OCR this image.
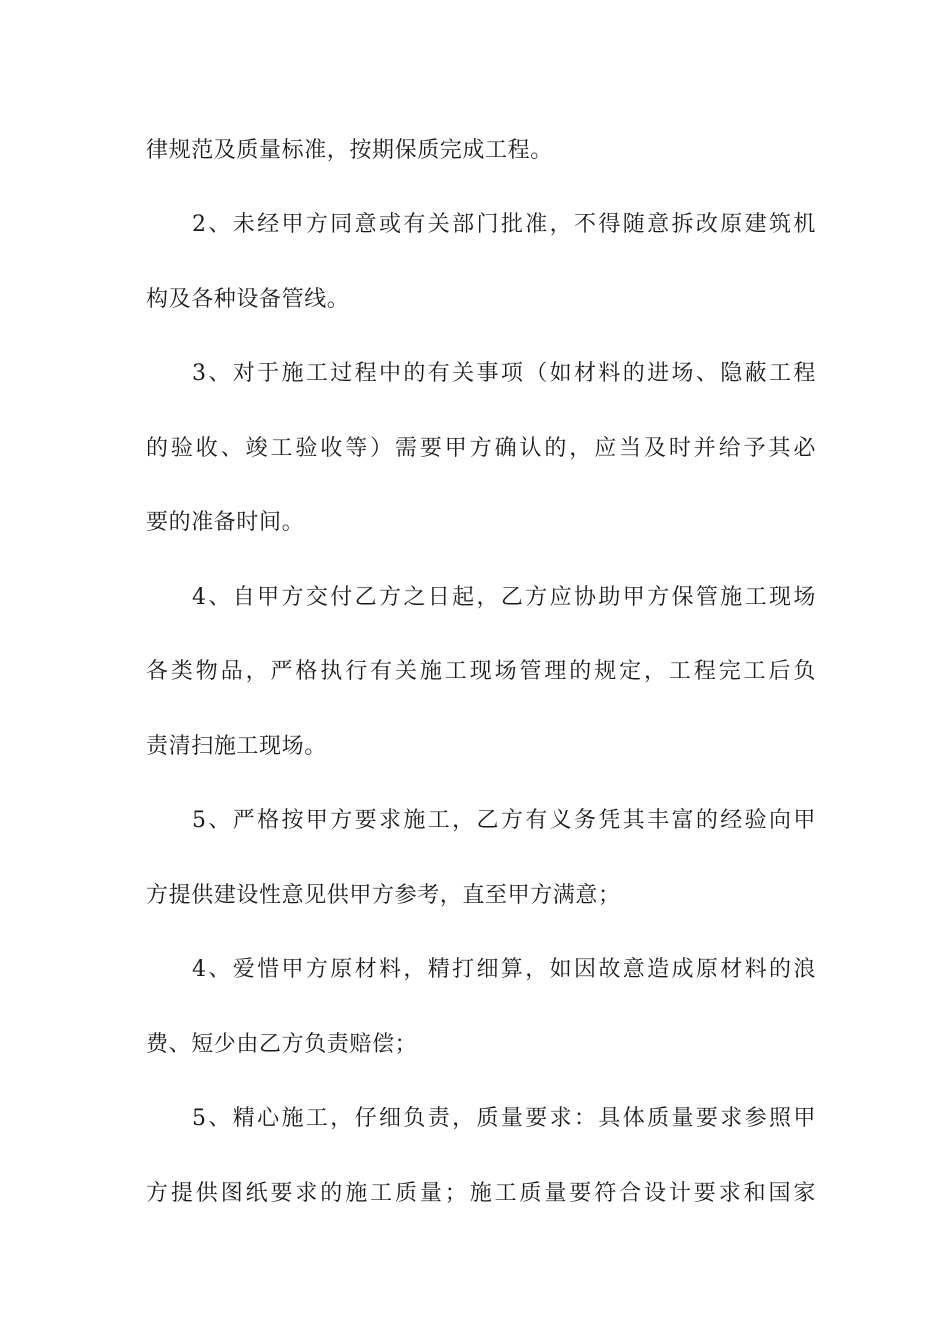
律规范及质量标准，按期保质完成工程。
2、未经甲方同意或有关部门批准，不得随意拆改原建筑机
构及各种设备管线。
3、对于施工过程中的有关事项（如材料的进场、隐蔽工程
的验收、竣工验收等）需要甲方确认的，应当及时并给予其必
要的准备时间。
4、自甲方交付乙方之日起，乙方应协助甲方保管施工现场
各类物品，严格执行有关施工现场管理的规定，工程完工后负
责清扫施工现场。
5、严格按甲方要求施工，乙方有义务凭其丰富的经验向甲
方提供建设性意见供甲方参考，直至甲方满意；
4、爱惜甲方原材料，精打细算，如因故意造成原材料的浪
费、短少由乙方负责赔偿；
5、精心施工，仔细负责，质量要求：具体质量要求参照甲
方提供图纸要求的施工质量；施工质量要符合设计要求和国家
